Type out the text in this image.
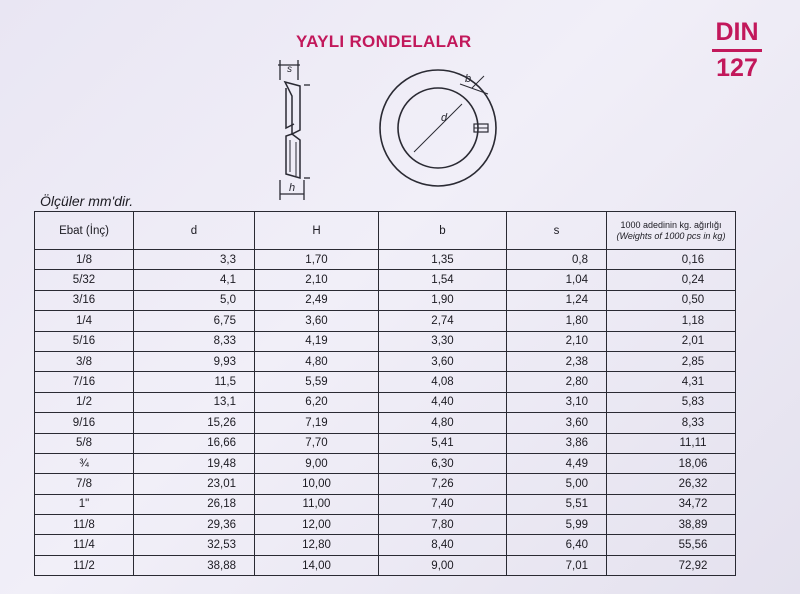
YAYLI RONDELALAR	DIN
127
s
h
d
b
Ölçüler mm'dir.
Ebat (İnç)	d	H	b	s	1000 adedinin kg. ağırlığı
(Weights of 1000 pcs in kg)

1/8	3,3	1,70	1,35	0,8	0,16
5/32	4,1	2,10	1,54	1,04	0,24
3/16	5,0	2,49	1,90	1,24	0,50
1/4	6,75	3,60	2,74	1,80	1,18
5/16	8,33	4,19	3,30	2,10	2,01
3/8	9,93	4,80	3,60	2,38	2,85
7/16	11,5	5,59	4,08	2,80	4,31
1/2	13,1	6,20	4,40	3,10	5,83
9/16	15,26	7,19	4,80	3,60	8,33
5/8	16,66	7,70	5,41	3,86	11,11
¾	19,48	9,00	6,30	4,49	18,06
7/8	23,01	10,00	7,26	5,00	26,32
1"	26,18	11,00	7,40	5,51	34,72
11/8	29,36	12,00	7,80	5,99	38,89
11/4	32,53	12,80	8,40	6,40	55,56
11/2	38,88	14,00	9,00	7,01	72,92
